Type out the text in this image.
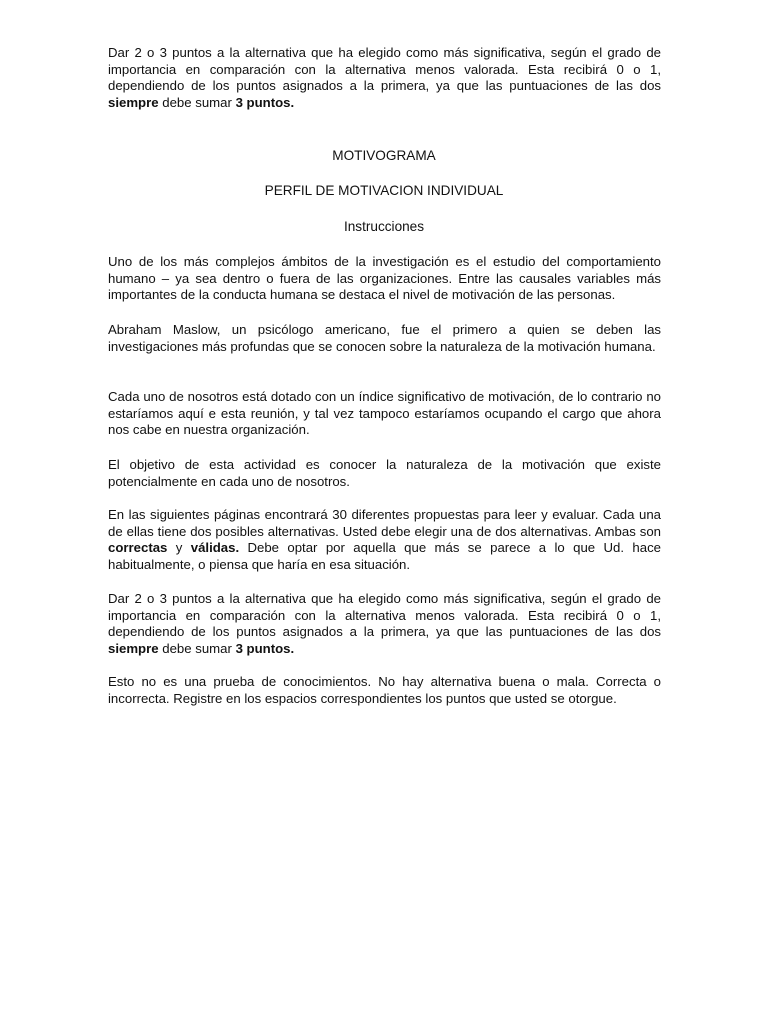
Dar 2 o 3 puntos a la alternativa que ha elegido como más significativa, según el grado de importancia en comparación con la alternativa menos valorada. Esta recibirá 0 o 1, dependiendo de los puntos asignados a la primera, ya que las puntuaciones de las dos siempre debe sumar 3 puntos.

MOTIVOGRAMA

PERFIL DE MOTIVACION INDIVIDUAL

Instrucciones

Uno de los más complejos ámbitos de la investigación es el estudio del comportamiento humano – ya sea dentro o fuera de las organizaciones. Entre las causales variables más importantes de la conducta humana se destaca el nivel de motivación de las personas.

Abraham Maslow, un psicólogo americano, fue el primero a quien se deben las investigaciones más profundas que se conocen sobre la naturaleza de la motivación humana.

Cada uno de nosotros está dotado con un índice significativo de motivación, de lo contrario no estaríamos aquí e esta reunión, y tal vez tampoco estaríamos ocupando el cargo que ahora nos cabe en nuestra organización.

El objetivo de esta actividad es conocer la naturaleza de la motivación que existe potencialmente en cada uno de nosotros.

En las siguientes páginas encontrará 30 diferentes propuestas para leer y evaluar. Cada una de ellas tiene dos posibles alternativas. Usted debe elegir una de dos alternativas. Ambas son correctas y válidas. Debe optar por aquella que más se parece a lo que Ud. hace habitualmente, o piensa que haría en esa situación.

Dar 2 o 3 puntos a la alternativa que ha elegido como más significativa, según el grado de importancia en comparación con la alternativa menos valorada. Esta recibirá 0 o 1, dependiendo de los puntos asignados a la primera, ya que las puntuaciones de las dos siempre debe sumar 3 puntos.

Esto no es una prueba de conocimientos. No hay alternativa buena o mala. Correcta o incorrecta. Registre en los espacios correspondientes los puntos que usted se otorgue.
